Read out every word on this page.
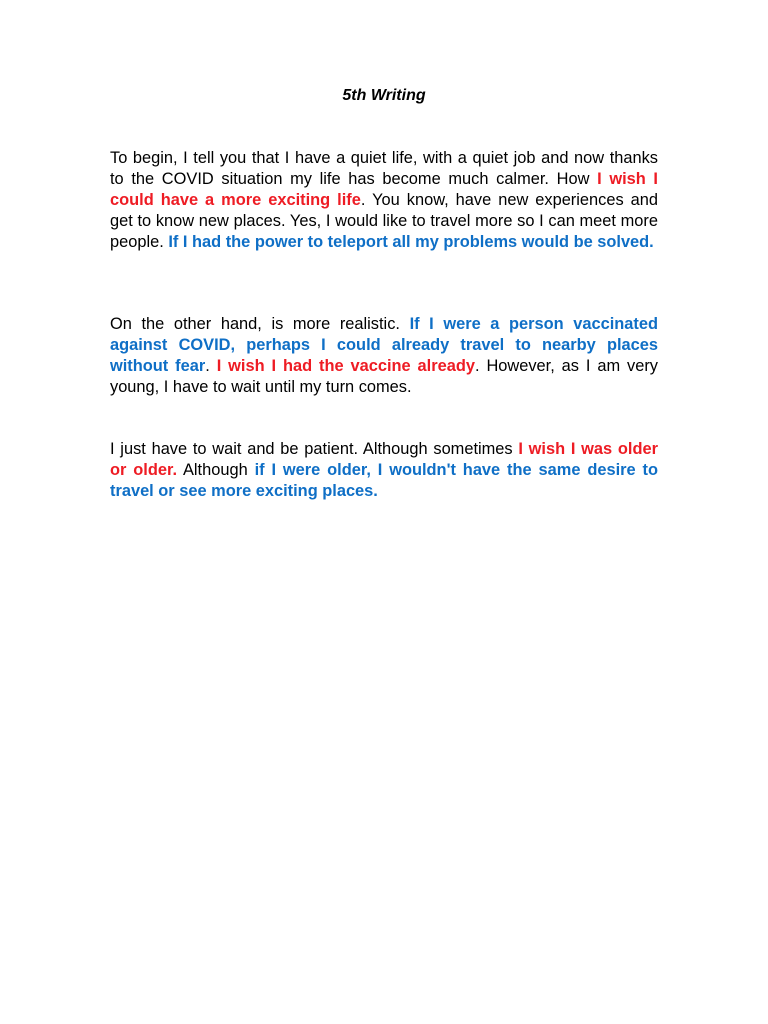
5th Writing

To begin, I tell you that I have a quiet life, with a quiet job and now thanks to the COVID situation my life has become much calmer. How I wish I could have a more exciting life. You know, have new experiences and get to know new places. Yes, I would like to travel more so I can meet more people. If I had the power to teleport all my problems would be solved.

On the other hand, is more realistic. If I were a person vaccinated against COVID, perhaps I could already travel to nearby places without fear. I wish I had the vaccine already. However, as I am very young, I have to wait until my turn comes.

I just have to wait and be patient. Although sometimes I wish I was older or older. Although if I were older, I wouldn't have the same desire to travel or see more exciting places.
